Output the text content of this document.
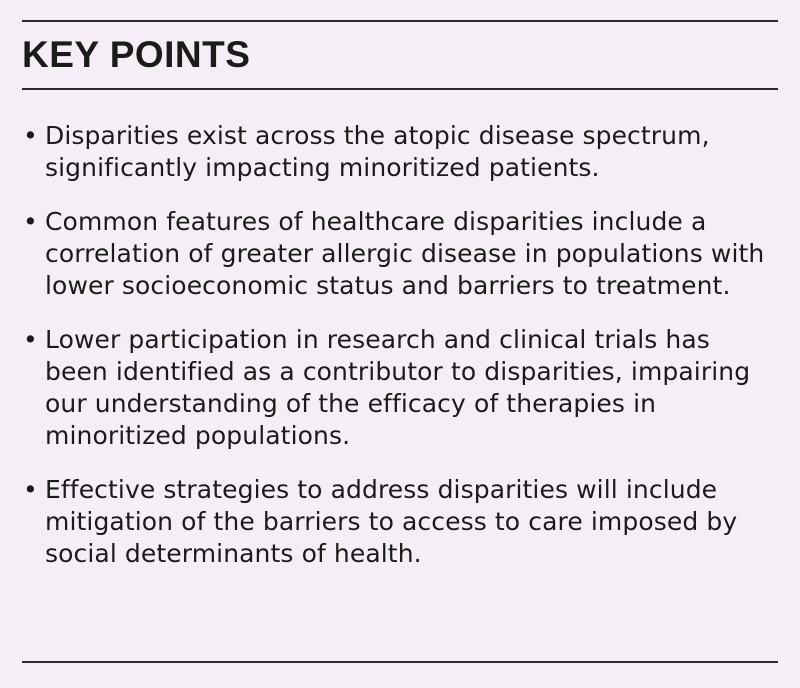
KEY POINTS
• Disparities exist across the atopic disease spectrum, significantly impacting minoritized patients.
• Common features of healthcare disparities include a correlation of greater allergic disease in populations with lower socioeconomic status and barriers to treatment.
• Lower participation in research and clinical trials has been identified as a contributor to disparities, impairing our understanding of the efficacy of therapies in minoritized populations.
• Effective strategies to address disparities will include mitigation of the barriers to access to care imposed by social determinants of health.
